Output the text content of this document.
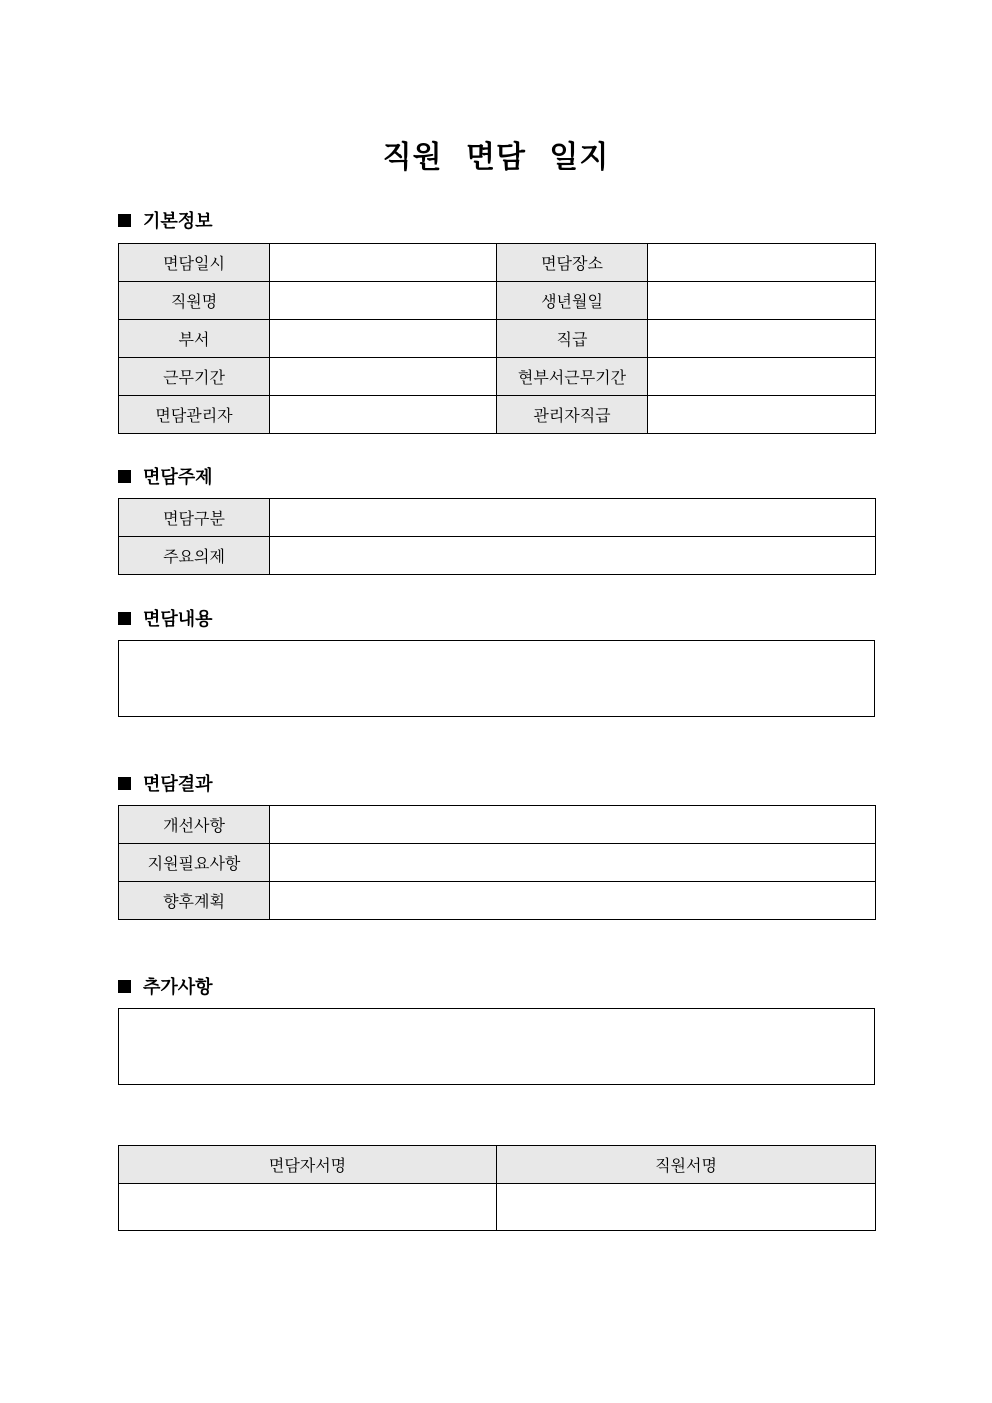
직원 면담 일지
기본정보
면담일시		면담장소	
직원명		생년월일	
부서		직급	
근무기간		현부서근무기간	
면담관리자		관리자직급	
면담주제
면담구분	
주요의제	
면담내용
면담결과
개선사항	
지원필요사항	
향후계획	
추가사항
면담자서명	직원서명
